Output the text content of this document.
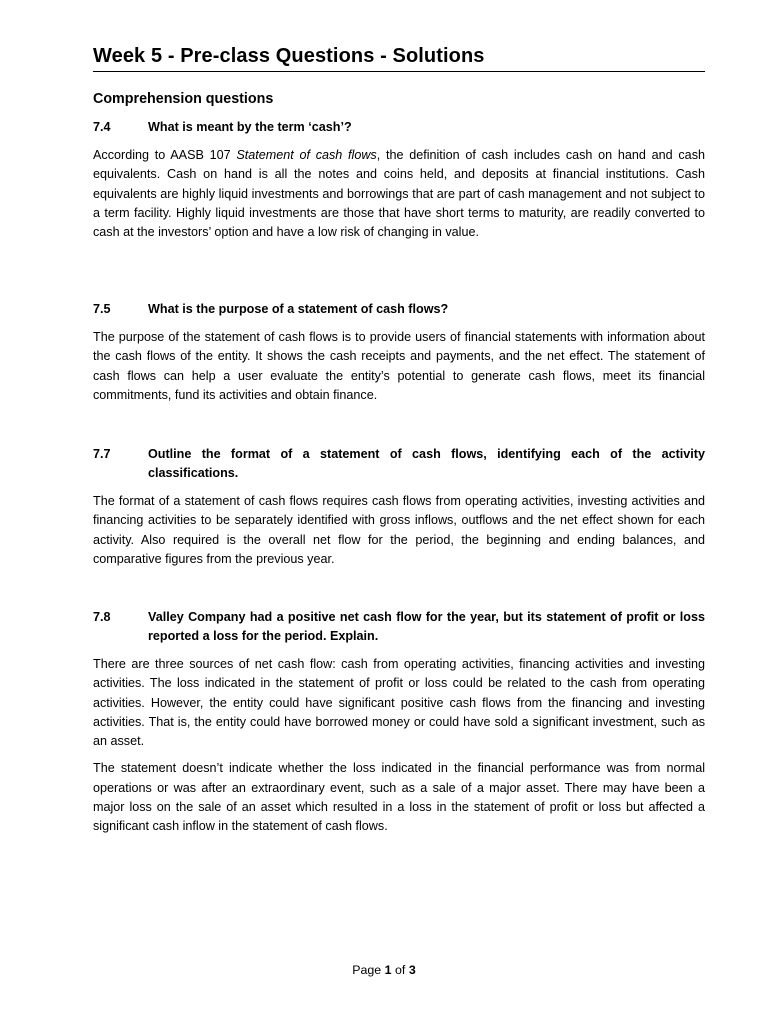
Week 5 - Pre-class Questions - Solutions
Comprehension questions
7.4	What is meant by the term ‘cash’?

According to AASB 107 Statement of cash flows, the definition of cash includes cash on hand and cash equivalents. Cash on hand is all the notes and coins held, and deposits at financial institutions. Cash equivalents are highly liquid investments and borrowings that are part of cash management and not subject to a term facility. Highly liquid investments are those that have short terms to maturity, are readily converted to cash at the investors’ option and have a low risk of changing in value.

7.5	What is the purpose of a statement of cash flows?

The purpose of the statement of cash flows is to provide users of financial statements with information about the cash flows of the entity. It shows the cash receipts and payments, and the net effect. The statement of cash flows can help a user evaluate the entity’s potential to generate cash flows, meet its financial commitments, fund its activities and obtain finance.

7.7	Outline the format of a statement of cash flows, identifying each of the activity classifications.

The format of a statement of cash flows requires cash flows from operating activities, investing activities and financing activities to be separately identified with gross inflows, outflows and the net effect shown for each activity. Also required is the overall net flow for the period, the beginning and ending balances, and comparative figures from the previous year.

7.8	Valley Company had a positive net cash flow for the year, but its statement of profit or loss reported a loss for the period. Explain.

There are three sources of net cash flow: cash from operating activities, financing activities and investing activities. The loss indicated in the statement of profit or loss could be related to the cash from operating activities. However, the entity could have significant positive cash flows from the financing and investing activities. That is, the entity could have borrowed money or could have sold a significant investment, such as an asset.

The statement doesn’t indicate whether the loss indicated in the financial performance was from normal operations or was after an extraordinary event, such as a sale of a major asset. There may have been a major loss on the sale of an asset which resulted in a loss in the statement of profit or loss but affected a significant cash inflow in the statement of cash flows.

Page 1 of 3
